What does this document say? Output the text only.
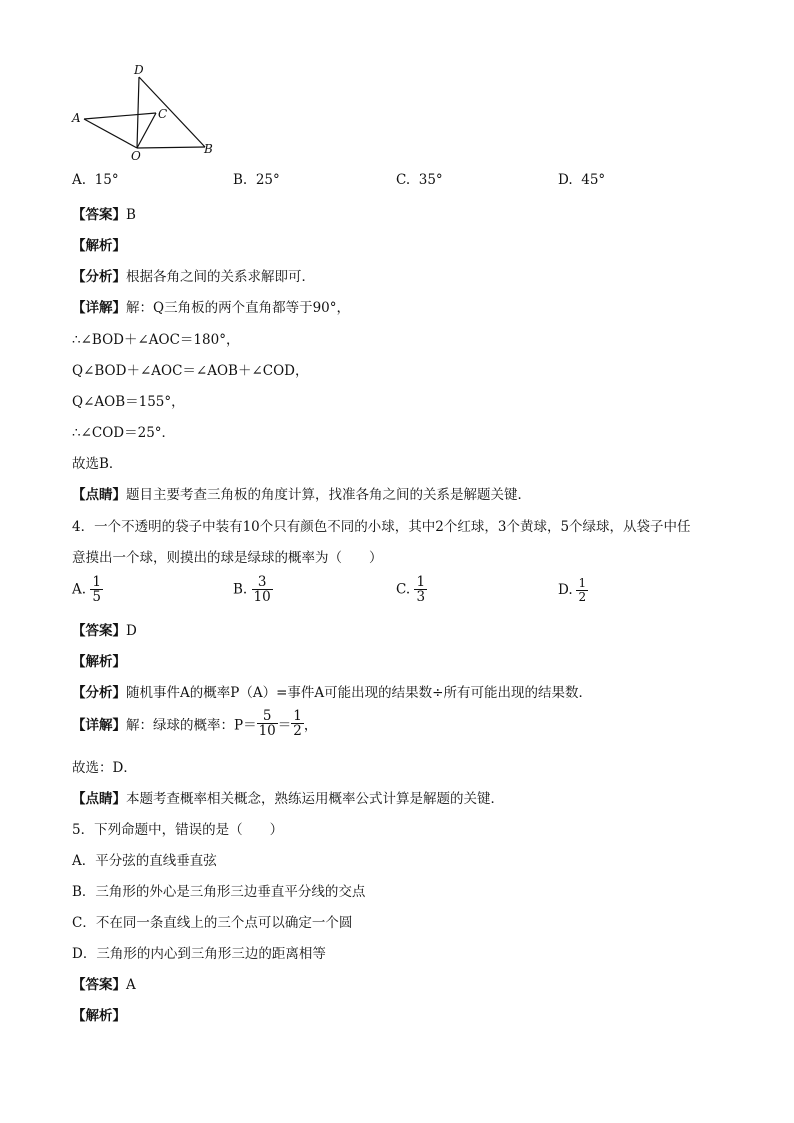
D
A	C
O	B
A. 15°	B. 25°	C. 35°	D. 45°
【答案】B
【解析】
【分析】根据各角之间的关系求解即可．
【详解】解：Q三角板的两个直角都等于90°，
∴∠BOD＋∠AOC＝180°，
Q∠BOD＋∠AOC＝∠AOB＋∠COD，
Q∠AOB＝155°，
∴∠COD＝25°．
故选B．
【点睛】题目主要考查三角板的角度计算，找准各角之间的关系是解题关键．
4．一个不透明的袋子中装有10个只有颜色不同的小球，其中2个红球，3个黄球，5个绿球，从袋子中任
意摸出一个球，则摸出的球是绿球的概率为（　　）
A. $\frac{1}{5}$	B. $\frac{3}{10}$	C. $\frac{1}{3}$	D. $\frac{1}{2}$
【答案】D
【解析】
【分析】随机事件A的概率P（A）=事件A可能出现的结果数÷所有可能出现的结果数．
【详解】解：绿球的概率：$P= \frac{5}{10} = \frac{1}{2}$ ，
故选：D．
【点睛】本题考查概率相关概念，熟练运用概率公式计算是解题的关键．
5．下列命题中，错误的是（　　）
A．平分弦的直线垂直弦
B．三角形的外心是三角形三边垂直平分线的交点
C．不在同一条直线上的三个点可以确定一个圆
D．三角形的内心到三角形三边的距离相等
【答案】A
【解析】
